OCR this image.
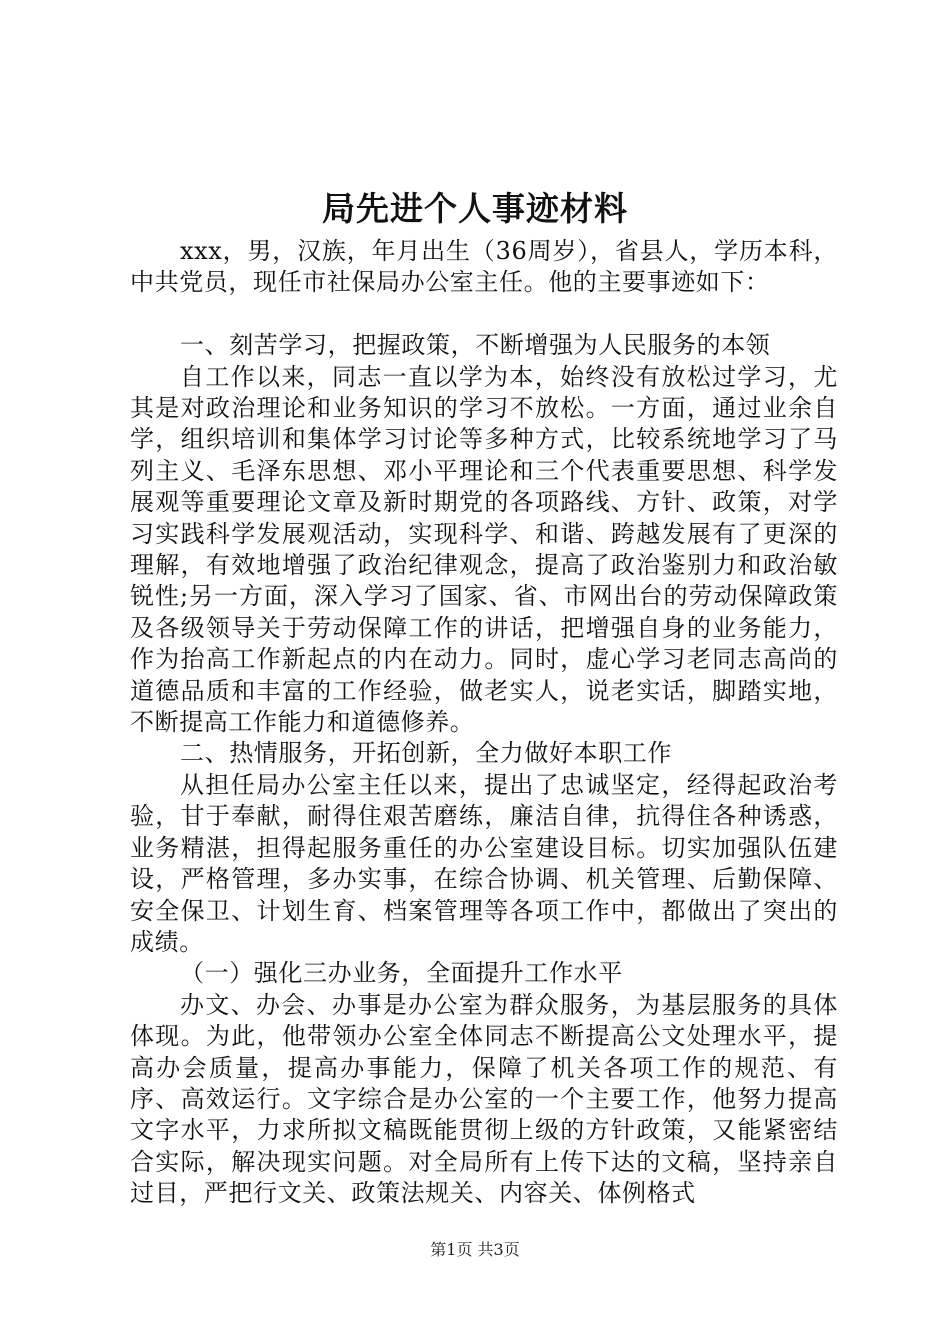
局先进个人事迹材料

xxx，男，汉族，年月出生（36周岁），省县人，学历本科，中共党员，现任市社保局办公室主任。他的主要事迹如下：

一、刻苦学习，把握政策，不断增强为人民服务的本领

自工作以来，同志一直以学为本，始终没有放松过学习，尤其是对政治理论和业务知识的学习不放松。一方面，通过业余自学，组织培训和集体学习讨论等多种方式，比较系统地学习了马列主义、毛泽东思想、邓小平理论和三个代表重要思想、科学发展观等重要理论文章及新时期党的各项路线、方针、政策，对学习实践科学发展观活动，实现科学、和谐、跨越发展有了更深的理解，有效地增强了政治纪律观念，提高了政治鉴别力和政治敏锐性;另一方面，深入学习了国家、省、市网出台的劳动保障政策及各级领导关于劳动保障工作的讲话，把增强自身的业务能力，作为抬高工作新起点的内在动力。同时，虚心学习老同志高尚的道德品质和丰富的工作经验，做老实人，说老实话，脚踏实地，不断提高工作能力和道德修养。

二、热情服务，开拓创新，全力做好本职工作

从担任局办公室主任以来，提出了忠诚坚定，经得起政治考验，甘于奉献，耐得住艰苦磨练，廉洁自律，抗得住各种诱惑，业务精湛，担得起服务重任的办公室建设目标。切实加强队伍建设，严格管理，多办实事，在综合协调、机关管理、后勤保障、安全保卫、计划生育、档案管理等各项工作中，都做出了突出的成绩。

（一）强化三办业务，全面提升工作水平

办文、办会、办事是办公室为群众服务，为基层服务的具体体现。为此，他带领办公室全体同志不断提高公文处理水平，提高办会质量，提高办事能力，保障了机关各项工作的规范、有序、高效运行。文字综合是办公室的一个主要工作，他努力提高文字水平，力求所拟文稿既能贯彻上级的方针政策，又能紧密结合实际，解决现实问题。对全局所有上传下达的文稿，坚持亲自过目，严把行文关、政策法规关、内容关、体例格式

第1页 共3页
